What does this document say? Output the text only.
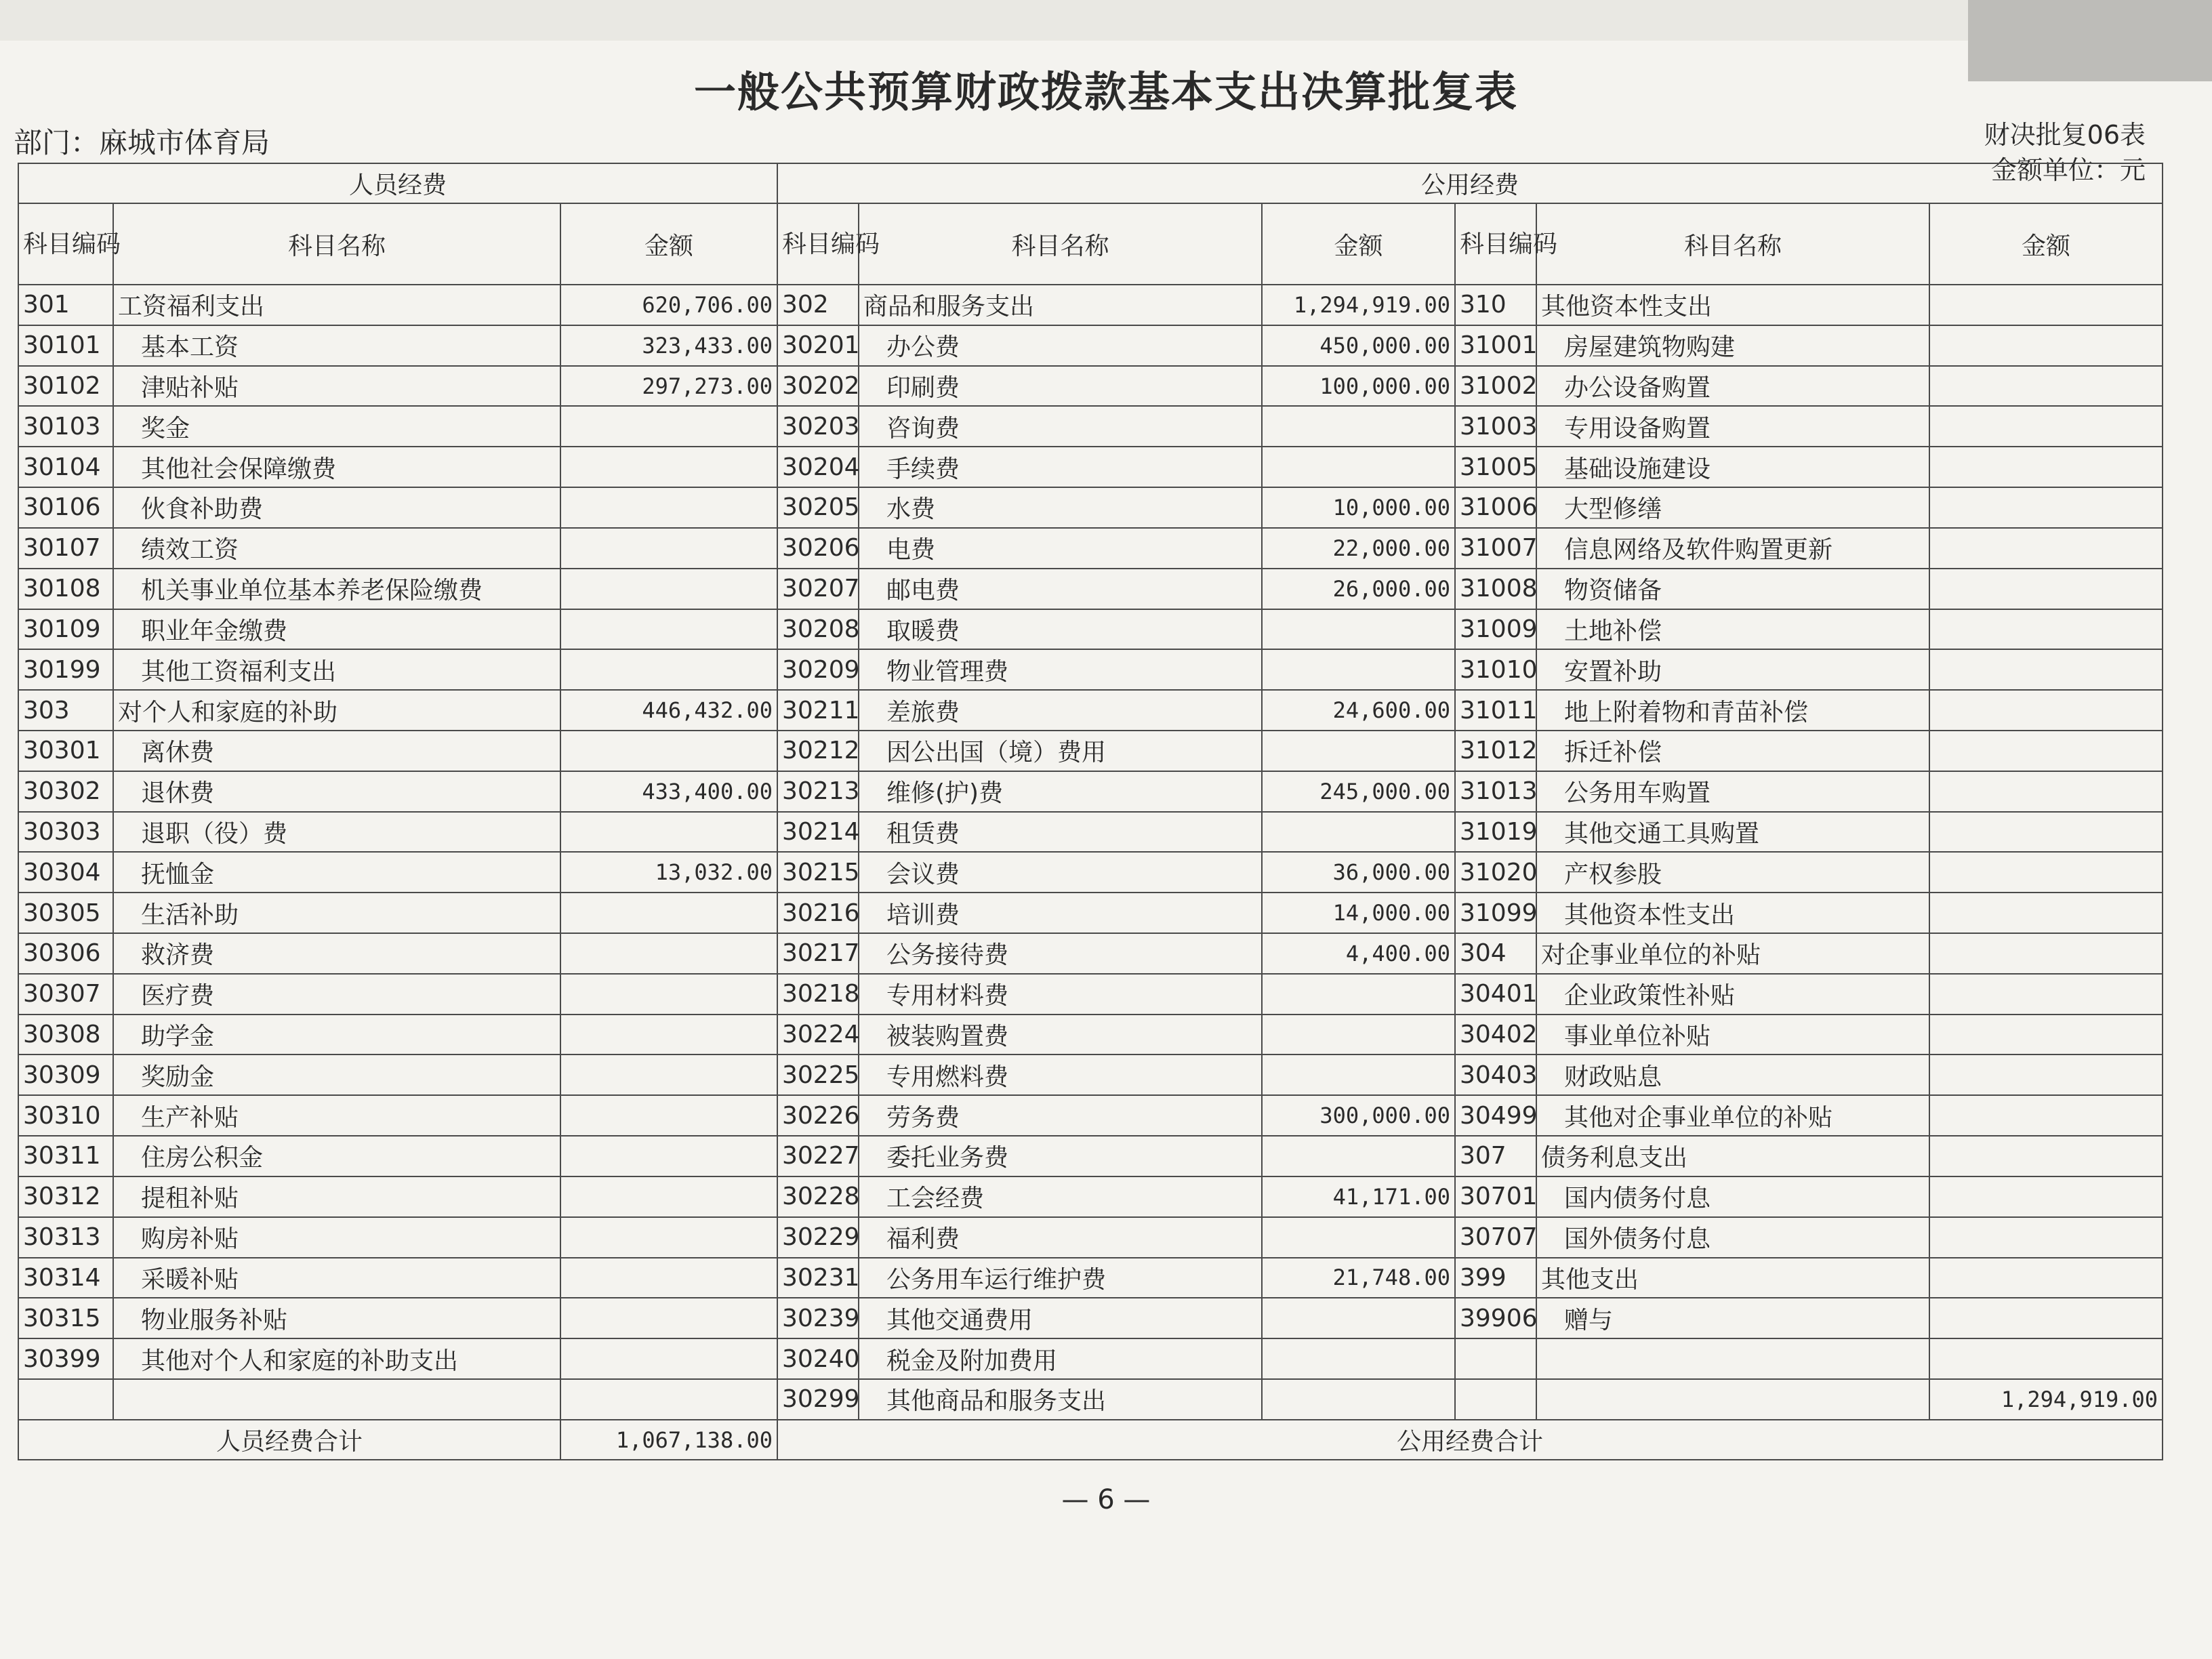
一般公共预算财政拨款基本支出决算批复表
部门：麻城市体育局	财决批复06表
金额单位：元
人员经费			公用经费					
科目编码	科目名称	金额	科目编码	科目名称	金额	科目编码	科目名称	金额
301	工资福利支出	620,706.00	302	商品和服务支出	1,294,919.00	310	其他资本性支出	
30101	基本工资	323,433.00	30201	办公费	450,000.00	31001	房屋建筑物购建	
30102	津贴补贴	297,273.00	30202	印刷费	100,000.00	31002	办公设备购置	
30103	奖金		30203	咨询费		31003	专用设备购置	
30104	其他社会保障缴费		30204	手续费		31005	基础设施建设	
30106	伙食补助费		30205	水费	10,000.00	31006	大型修缮	
30107	绩效工资		30206	电费	22,000.00	31007	信息网络及软件购置更新	
30108	机关事业单位基本养老保险缴费		30207	邮电费	26,000.00	31008	物资储备	
30109	职业年金缴费		30208	取暖费		31009	土地补偿	
30199	其他工资福利支出		30209	物业管理费		31010	安置补助	
303	对个人和家庭的补助	446,432.00	30211	差旅费	24,600.00	31011	地上附着物和青苗补偿	
30301	离休费		30212	因公出国（境）费用		31012	拆迁补偿	
30302	退休费	433,400.00	30213	维修(护)费	245,000.00	31013	公务用车购置	
30303	退职（役）费		30214	租赁费		31019	其他交通工具购置	
30304	抚恤金	13,032.00	30215	会议费	36,000.00	31020	产权参股	
30305	生活补助		30216	培训费	14,000.00	31099	其他资本性支出	
30306	救济费		30217	公务接待费	4,400.00	304	对企事业单位的补贴	
30307	医疗费		30218	专用材料费		30401	企业政策性补贴	
30308	助学金		30224	被装购置费		30402	事业单位补贴	
30309	奖励金		30225	专用燃料费		30403	财政贴息	
30310	生产补贴		30226	劳务费	300,000.00	30499	其他对企事业单位的补贴	
30311	住房公积金		30227	委托业务费		307	债务利息支出	
30312	提租补贴		30228	工会经费	41,171.00	30701	国内债务付息	
30313	购房补贴		30229	福利费		30707	国外债务付息	
30314	采暖补贴		30231	公务用车运行维护费	21,748.00	399	其他支出	
30315	物业服务补贴		30239	其他交通费用		39906	赠与	
30399	其他对个人和家庭的补助支出		30240	税金及附加费用				
			30299	其他商品和服务支出				1,294,919.00
人员经费合计		1,067,138.00	公用经费合计					
— 6 —
